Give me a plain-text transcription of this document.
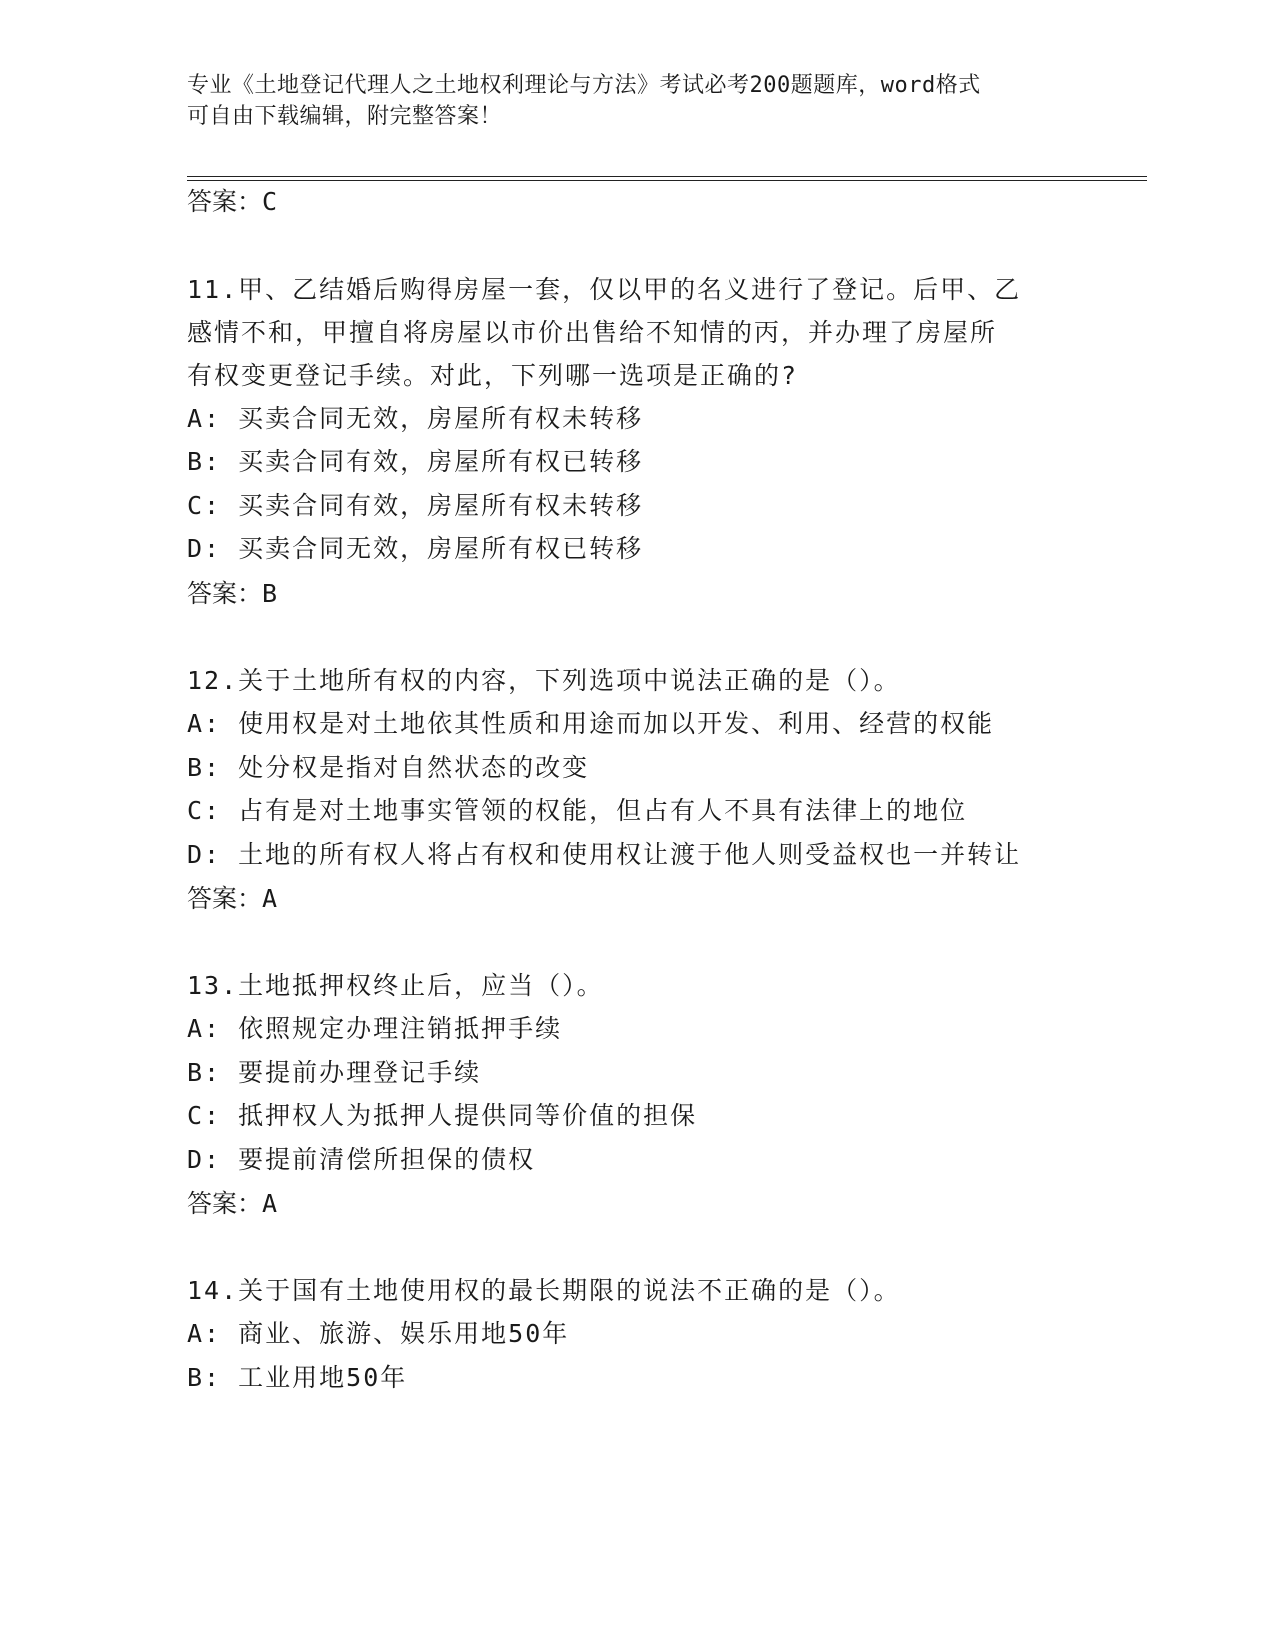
专业《土地登记代理人之土地权利理论与方法》考试必考200题题库，word格式
可自由下载编辑，附完整答案！
答案：C
11.甲、乙结婚后购得房屋一套，仅以甲的名义进行了登记。后甲、乙
感情不和，甲擅自将房屋以市价出售给不知情的丙，并办理了房屋所
有权变更登记手续。对此，下列哪一选项是正确的?
A: 买卖合同无效，房屋所有权未转移
B: 买卖合同有效，房屋所有权已转移
C: 买卖合同有效，房屋所有权未转移
D: 买卖合同无效，房屋所有权已转移
答案：B
12.关于土地所有权的内容，下列选项中说法正确的是（）。
A: 使用权是对土地依其性质和用途而加以开发、利用、经营的权能
B: 处分权是指对自然状态的改变
C: 占有是对土地事实管领的权能，但占有人不具有法律上的地位
D: 土地的所有权人将占有权和使用权让渡于他人则受益权也一并转让
答案：A
13.土地抵押权终止后，应当（）。
A: 依照规定办理注销抵押手续
B: 要提前办理登记手续
C: 抵押权人为抵押人提供同等价值的担保
D: 要提前清偿所担保的债权
答案：A
14.关于国有土地使用权的最长期限的说法不正确的是（）。
A: 商业、旅游、娱乐用地50年
B: 工业用地50年
